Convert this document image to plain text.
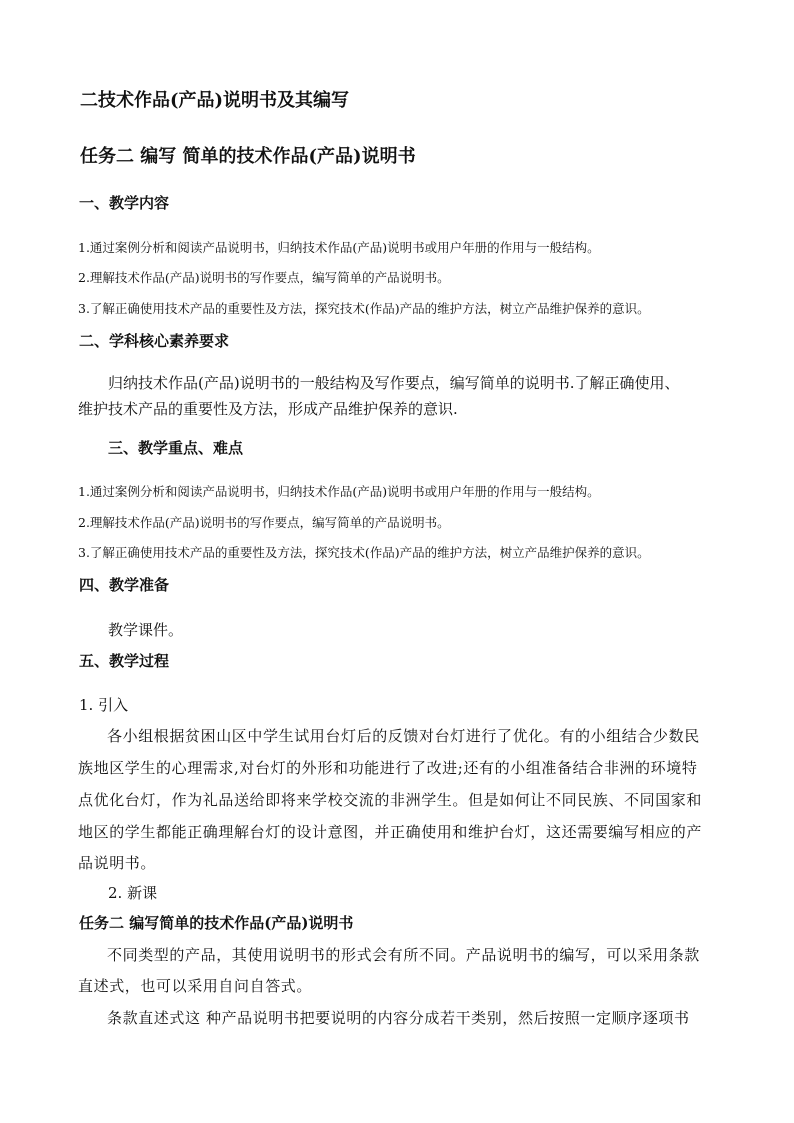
二技术作品(产品)说明书及其编写
任务二 编写 简单的技术作品(产品)说明书
一、教学内容
1.通过案例分析和阅读产品说明书，归纳技术作品(产品)说明书或用户年册的作用与一般结构。
2.理解技术作品(产品)说明书的写作要点，编写简单的产品说明书。
3.了解正确使用技术产品的重要性及方法，探究技术(作品)产品的维护方法，树立产品维护保养的意识。
二、学科核心素养要求
归纳技术作品(产品)说明书的一般结构及写作要点，编写简单的说明书.了解正确使用、
维护技术产品的重要性及方法，形成产品维护保养的意识.
三、教学重点、难点
1.通过案例分析和阅读产品说明书，归纳技术作品(产品)说明书或用户年册的作用与一般结构。
2.理解技术作品(产品)说明书的写作要点，编写简单的产品说明书。
3.了解正确使用技术产品的重要性及方法，探究技术(作品)产品的维护方法，树立产品维护保养的意识。
四、教学准备
教学课件。
五、教学过程
1. 引入
各小组根据贫困山区中学生试用台灯后的反馈对台灯进行了优化。有的小组结合少数民
族地区学生的心理需求,对台灯的外形和功能进行了改进;还有的小组准备结合非洲的环境特
点优化台灯，作为礼品送给即将来学校交流的非洲学生。但是如何让不同民族、不同国家和
地区的学生都能正确理解台灯的设计意图，并正确使用和维护台灯，这还需要编写相应的产
品说明书。
2. 新课
任务二 编写简单的技术作品(产品)说明书
不同类型的产品，其使用说明书的形式会有所不同。产品说明书的编写，可以采用条款
直述式，也可以采用自问自答式。
条款直述式这 种产品说明书把要说明的内容分成若干类别，然后按照一定顺序逐项书
